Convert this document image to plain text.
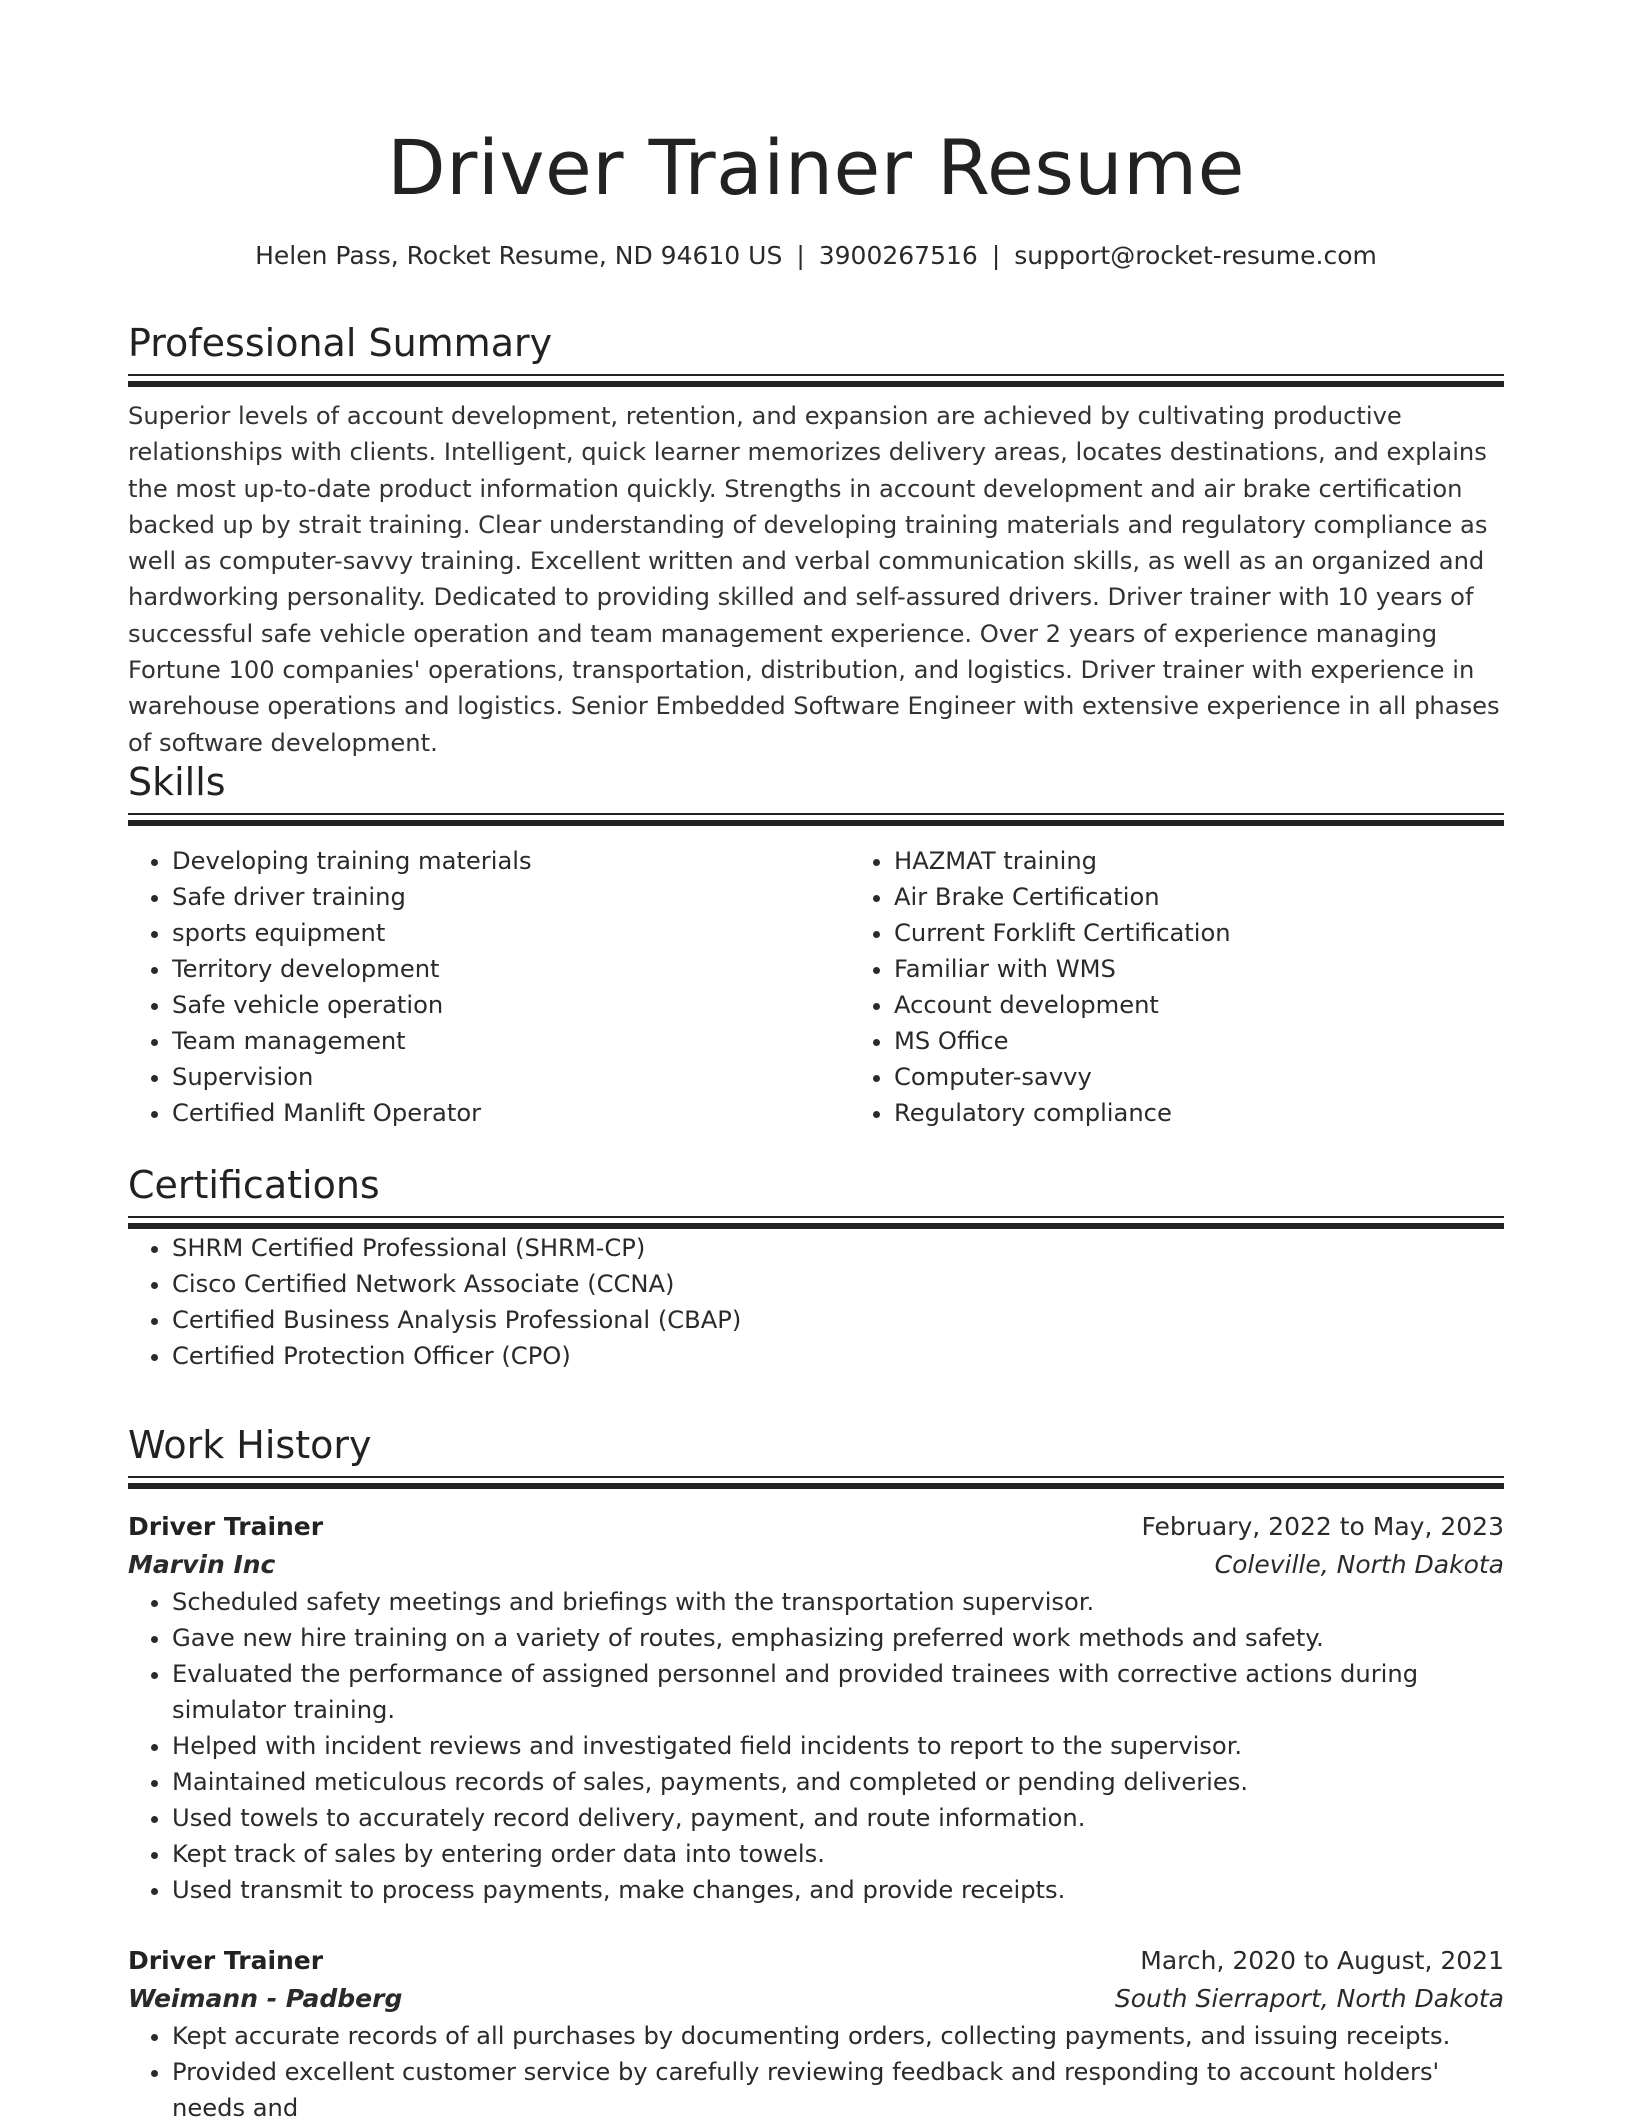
Driver Trainer Resume
Helen Pass, Rocket Resume, ND 94610 US | 3900267516 | support@rocket-resume.com
Professional Summary

Superior levels of account development, retention, and expansion are achieved by cultivating productive relationships with clients. Intelligent, quick learner memorizes delivery areas, locates destinations, and explains the most up-to-date product information quickly. Strengths in account development and air brake certification backed up by strait training. Clear understanding of developing training materials and regulatory compliance as well as computer-savvy training. Excellent written and verbal communication skills, as well as an organized and hardworking personality. Dedicated to providing skilled and self-assured drivers. Driver trainer with 10 years of successful safe vehicle operation and team management experience. Over 2 years of experience managing Fortune 100 companies' operations, transportation, distribution, and logistics. Driver trainer with experience in warehouse operations and logistics. Senior Embedded Software Engineer with extensive experience in all phases of software development.

Skills
• Developing training materials
• Safe driver training
• sports equipment
• Territory development
• Safe vehicle operation
• Team management
• Supervision
• Certified Manlift Operator
• HAZMAT training
• Air Brake Certification
• Current Forklift Certification
• Familiar with WMS
• Account development
• MS Office
• Computer-savvy
• Regulatory compliance
Certifications
• SHRM Certified Professional (SHRM-CP)
• Cisco Certified Network Associate (CCNA)
• Certified Business Analysis Professional (CBAP)
• Certified Protection Officer (CPO)
Work History
Driver Trainer	February, 2022 to May, 2023
Marvin Inc	Coleville, North Dakota
• Scheduled safety meetings and briefings with the transportation supervisor.
• Gave new hire training on a variety of routes, emphasizing preferred work methods and safety.
• Evaluated the performance of assigned personnel and provided trainees with corrective actions during simulator training.
• Helped with incident reviews and investigated field incidents to report to the supervisor.
• Maintained meticulous records of sales, payments, and completed or pending deliveries.
• Used towels to accurately record delivery, payment, and route information.
• Kept track of sales by entering order data into towels.
• Used transmit to process payments, make changes, and provide receipts.
Driver Trainer	March, 2020 to August, 2021
Weimann - Padberg	South Sierraport, North Dakota
• Kept accurate records of all purchases by documenting orders, collecting payments, and issuing receipts.
• Provided excellent customer service by carefully reviewing feedback and responding to account holders' needs and
